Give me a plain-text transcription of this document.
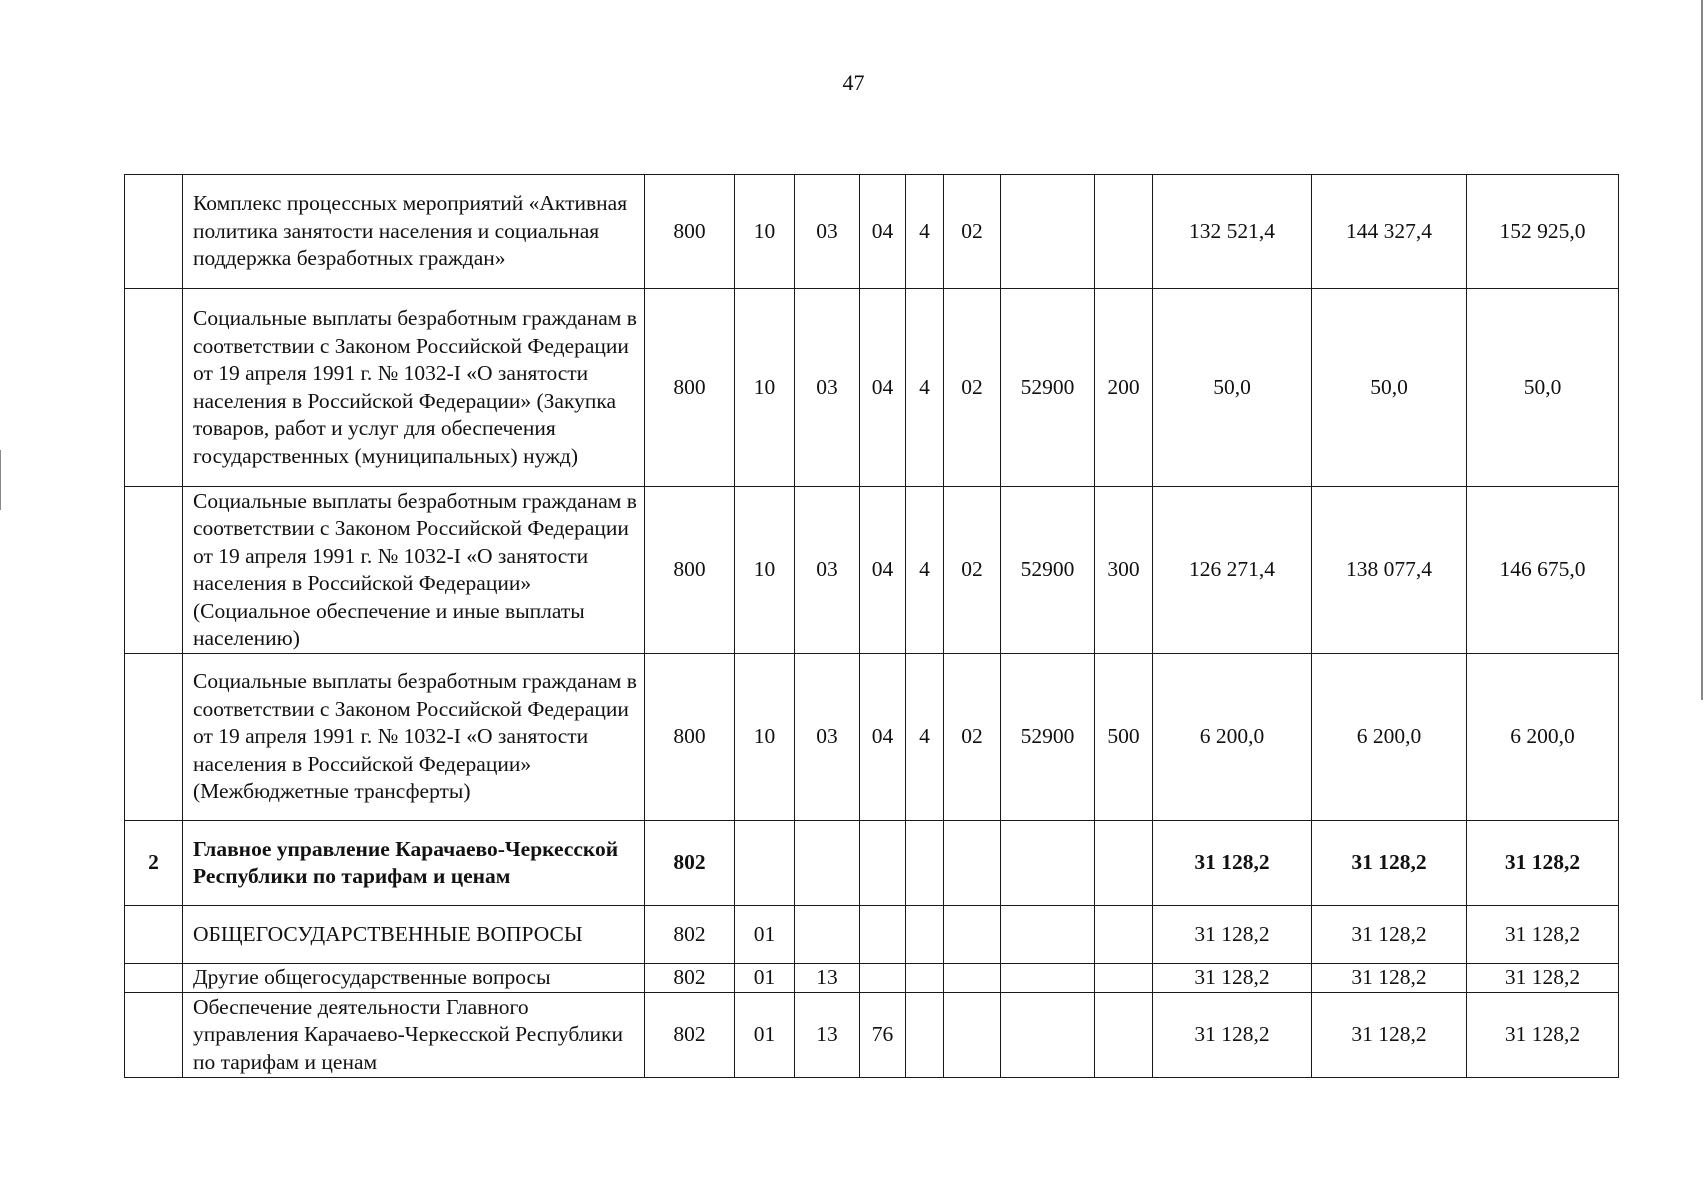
47
	Комплекс процессных мероприятий «Активная политика занятости населения и социальная поддержка безработных граждан»	800	10	03	04	4	02			132 521,4	144 327,4	152 925,0
	Социальные выплаты безработным гражданам в соответствии с Законом Российской Федерации от 19 апреля 1991 г. № 1032-I «О занятости населения в Российской Федерации» (Закупка товаров, работ и услуг для обеспечения государственных (муниципальных) нужд)	800	10	03	04	4	02	52900	200	50,0	50,0	50,0
	Социальные выплаты безработным гражданам в соответствии с Законом Российской Федерации от 19 апреля 1991 г. № 1032-I «О занятости населения в Российской Федерации» (Социальное обеспечение и иные выплаты населению)	800	10	03	04	4	02	52900	300	126 271,4	138 077,4	146 675,0
	Социальные выплаты безработным гражданам в соответствии с Законом Российской Федерации от 19 апреля 1991 г. № 1032-I «О занятости населения в Российской Федерации» (Межбюджетные трансферты)	800	10	03	04	4	02	52900	500	6 200,0	6 200,0	6 200,0
2	Главное управление Карачаево-Черкесской Республики по тарифам и ценам	802								31 128,2	31 128,2	31 128,2
	ОБЩЕГОСУДАРСТВЕННЫЕ ВОПРОСЫ	802	01							31 128,2	31 128,2	31 128,2
	Другие общегосударственные вопросы	802	01	13						31 128,2	31 128,2	31 128,2
	Обеспечение деятельности Главного управления Карачаево-Черкесской Республики по тарифам и ценам	802	01	13	76					31 128,2	31 128,2	31 128,2
